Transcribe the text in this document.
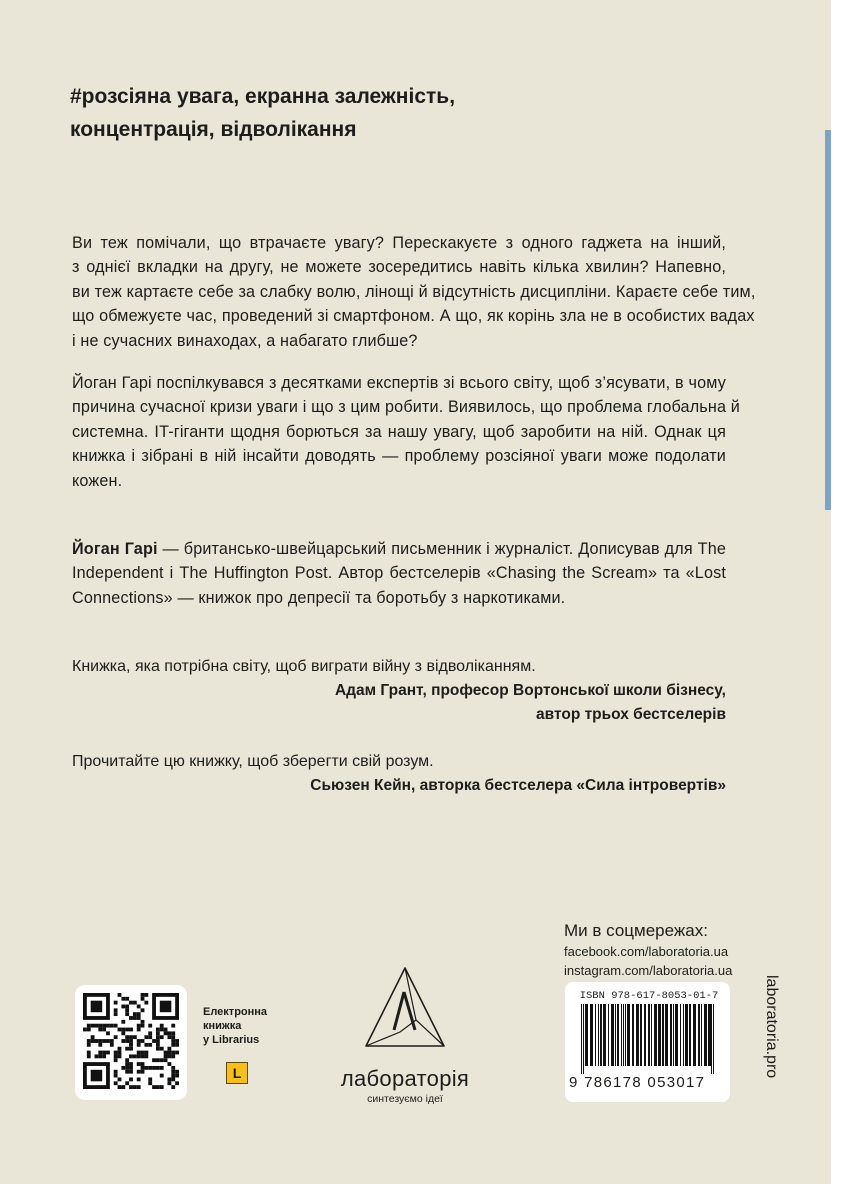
#розсіяна увага, екранна залежність,
концентрація, відволікання
Ви теж помічали, що втрачаєте увагу? Перескакуєте з одного гаджета на інший,
з однієї вкладки на другу, не можете зосередитись навіть кілька хвилин? Напевно,
ви теж картаєте себе за слабку волю, лінощі й відсутність дисципліни. Караєте себе тим,
що обмежуєте час, проведений зі смартфоном. А що, як корінь зла не в особистих вадах
і не сучасних винаходах, а набагато глибше?
Йоган Гарі поспілкувався з десятками експертів зі всього світу, щоб з’ясувати, в чому
причина сучасної кризи уваги і що з цим робити. Виявилось, що проблема глобальна й
системна. IT-гіганти щодня борються за нашу увагу, щоб заробити на ній. Однак ця
книжка і зібрані в ній інсайти доводять — проблему розсіяної уваги може подолати
кожен.
Йоган Гарі — британсько-швейцарський письменник і журналіст. Дописував для The
Independent і The Huffington Post. Автор бестселерів «Chasing the Scream» та «Lost
Connections» — книжок про депресії та боротьбу з наркотиками.
Книжка, яка потрібна світу, щоб виграти війну з відволіканням.
Адам Грант, професор Вортонської школи бізнесу,
автор трьох бестселерів
Прочитайте цю книжку, щоб зберегти свій розум.
Сьюзен Кейн, авторка бестселера «Сила інтровертів»
Ми в соцмережах:
facebook.com/laboratoria.ua
instagram.com/laboratoria.ua
Електронна
книжка
у Librarius
L	лабораторія
синтезуємо ідеї
ISBN 978-617-8053-01-7
9 786178 053017
laboratoria.pro
